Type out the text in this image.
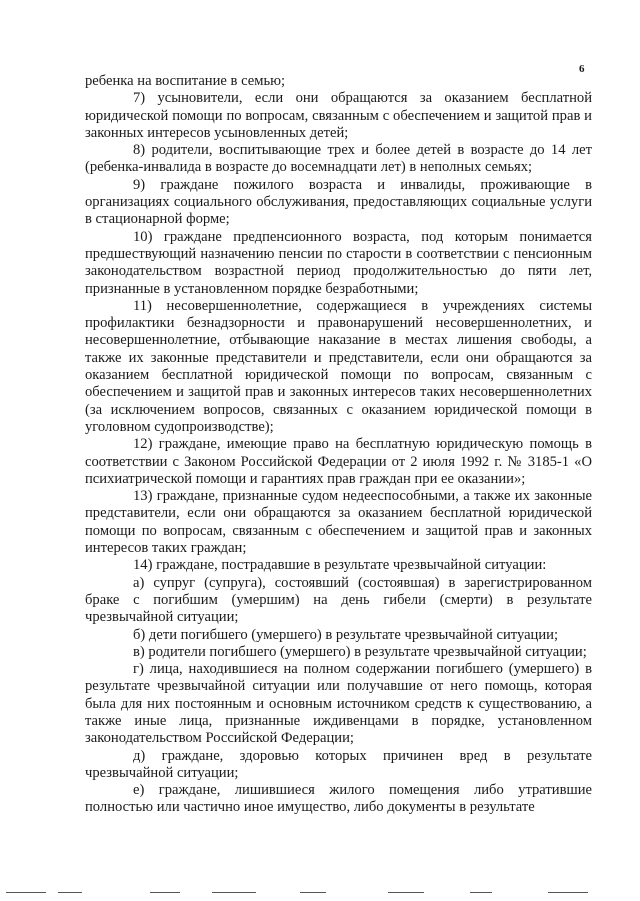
6

ребенка на воспитание в семью;

7) усыновители, если они обращаются за оказанием бесплатной юридической помощи по вопросам, связанным с обеспечением и защитой прав и законных интересов усыновленных детей;

8) родители, воспитывающие трех и более детей в возрасте до 14 лет (ребенка-инвалида в возрасте до восемнадцати лет) в неполных семьях;

9) граждане пожилого возраста и инвалиды, проживающие в организациях социального обслуживания, предоставляющих социальные услуги в стационарной форме;

10) граждане предпенсионного возраста, под которым понимается предшествующий назначению пенсии по старости в соответствии с пенсионным законодательством возрастной период продолжительностью до пяти лет, признанные в установленном порядке безработными;

11) несовершеннолетние, содержащиеся в учреждениях системы профилактики безнадзорности и правонарушений несовершеннолетних, и несовершеннолетние, отбывающие наказание в местах лишения свободы, а также их законные представители и представители, если они обращаются за оказанием бесплатной юридической помощи по вопросам, связанным с обеспечением и защитой прав и законных интересов таких несовершеннолетних (за исключением вопросов, связанных с оказанием юридической помощи в уголовном судопроизводстве);

12) граждане, имеющие право на бесплатную юридическую помощь в соответствии с Законом Российской Федерации от 2 июля 1992 г. № 3185-1 «О психиатрической помощи и гарантиях прав граждан при ее оказании»;

13) граждане, признанные судом недееспособными, а также их законные представители, если они обращаются за оказанием бесплатной юридической помощи по вопросам, связанным с обеспечением и защитой прав и законных интересов таких граждан;

14) граждане, пострадавшие в результате чрезвычайной ситуации:

а) супруг (супруга), состоявший (состоявшая) в зарегистрированном браке с погибшим (умершим) на день гибели (смерти) в результате чрезвычайной ситуации;

б) дети погибшего (умершего) в результате чрезвычайной ситуации;

в) родители погибшего (умершего) в результате чрезвычайной ситуации;

г) лица, находившиеся на полном содержании погибшего (умершего) в результате чрезвычайной ситуации или получавшие от него помощь, которая была для них постоянным и основным источником средств к существованию, а также иные лица, признанные иждивенцами в порядке, установленном законодательством Российской Федерации;

д) граждане, здоровью которых причинен вред в результате чрезвычайной ситуации;

е) граждане, лишившиеся жилого помещения либо утратившие полностью или частично иное имущество, либо документы в результате
